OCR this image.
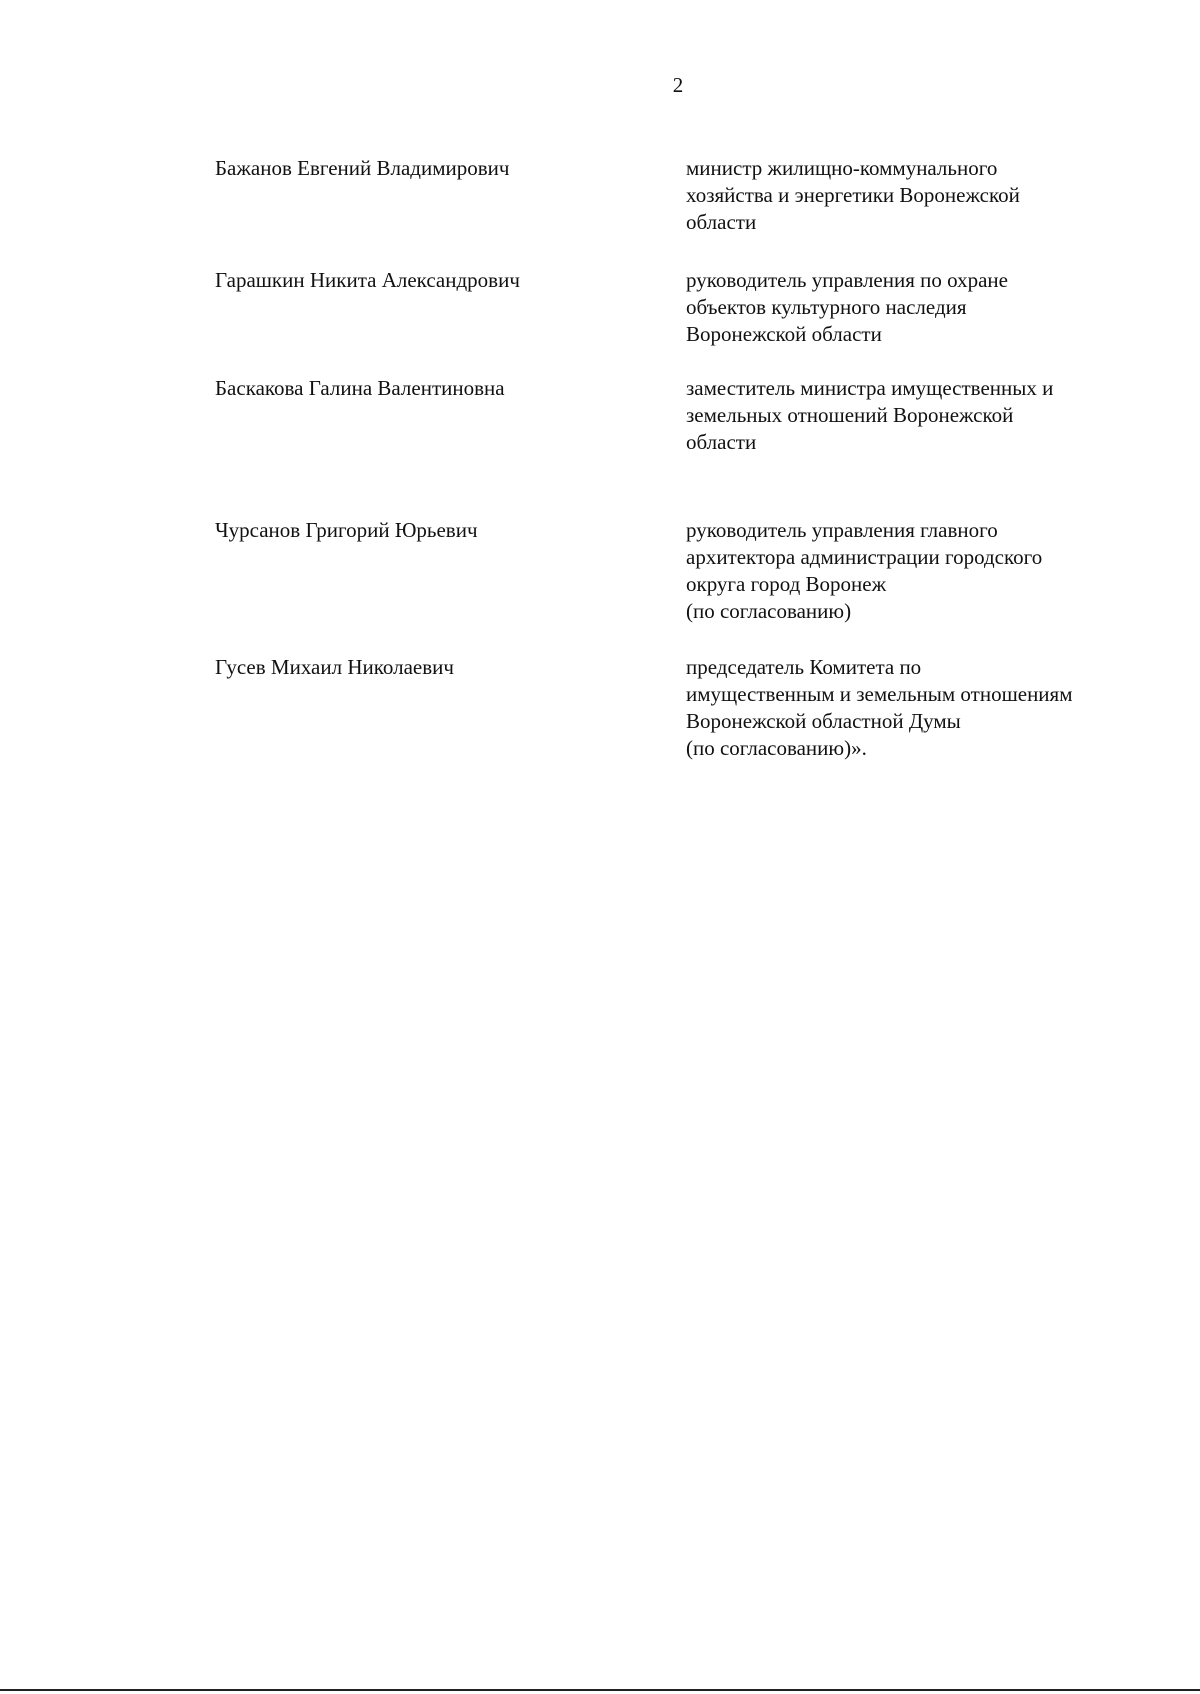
2
Бажанов Евгений Владимирович	министр жилищно-коммунального
хозяйства и энергетики Воронежской
области
Гарашкин Никита Александрович	руководитель управления по охране
объектов культурного наследия
Воронежской области
Баскакова Галина Валентиновна	заместитель министра имущественных и
земельных отношений Воронежской
области
Чурсанов Григорий Юрьевич	руководитель управления главного
архитектора администрации городского
округа город Воронеж
(по согласованию)
Гусев Михаил Николаевич	председатель Комитета по
имущественным и земельным отношениям
Воронежской областной Думы
(по согласованию)».
